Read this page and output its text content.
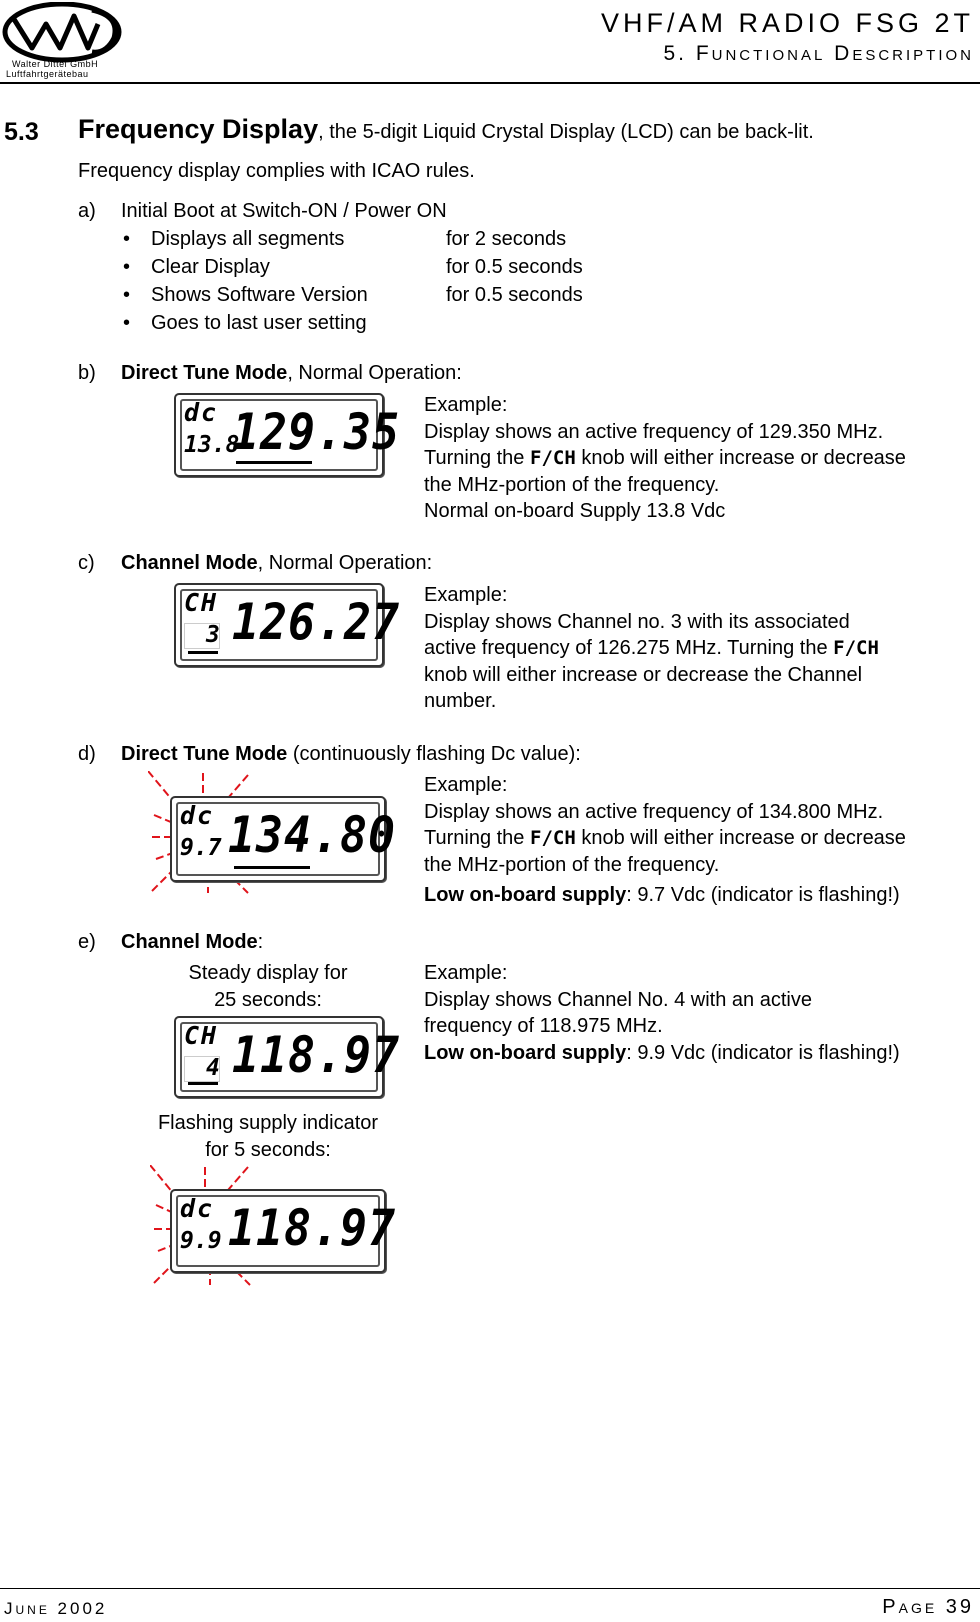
Walter Dittel GmbH
Luftfahrtgerätebau
VHF/AM RADIO FSG 2T
5. Functional Description
5.3 Frequency Display, the 5-digit Liquid Crystal Display (LCD) can be back-lit.
Frequency display complies with ICAO rules.
a) Initial Boot at Switch-ON / Power ON
• Displays all segments	for 2 seconds
• Clear Display	for 0.5 seconds
• Shows Software Version	for 0.5 seconds
• Goes to last user setting
b) Direct Tune Mode, Normal Operation:
dc
13.8
129.35 Example:
Display shows an active frequency of 129.350 MHz.
Turning the F/CH knob will either increase or decrease
the MHz-portion of the frequency.
Normal on-board Supply 13.8 Vdc
c) Channel Mode, Normal Operation:
CH
3 126.27 Example:
Display shows Channel no. 3 with its associated
active frequency of 126.275 MHz. Turning the F/CH
knob will either increase or decrease the Channel
number.
d) Direct Tune Mode (continuously flashing Dc value):
dc
9.7 134.80
Example:
Display shows an active frequency of 134.800 MHz.
Turning the F/CH knob will either increase or decrease
the MHz-portion of the frequency.
Low on-board supply: 9.7 Vdc (indicator is flashing!)
e) Channel Mode:
Steady display for
25 seconds:
CH
4 118.97
Flashing supply indicator
for 5 seconds:
dc
9.9 118.97
Example:
Display shows Channel No. 4 with an active
frequency of 118.975 MHz.
Low on-board supply: 9.9 Vdc (indicator is flashing!)
June 2002	Page 39
